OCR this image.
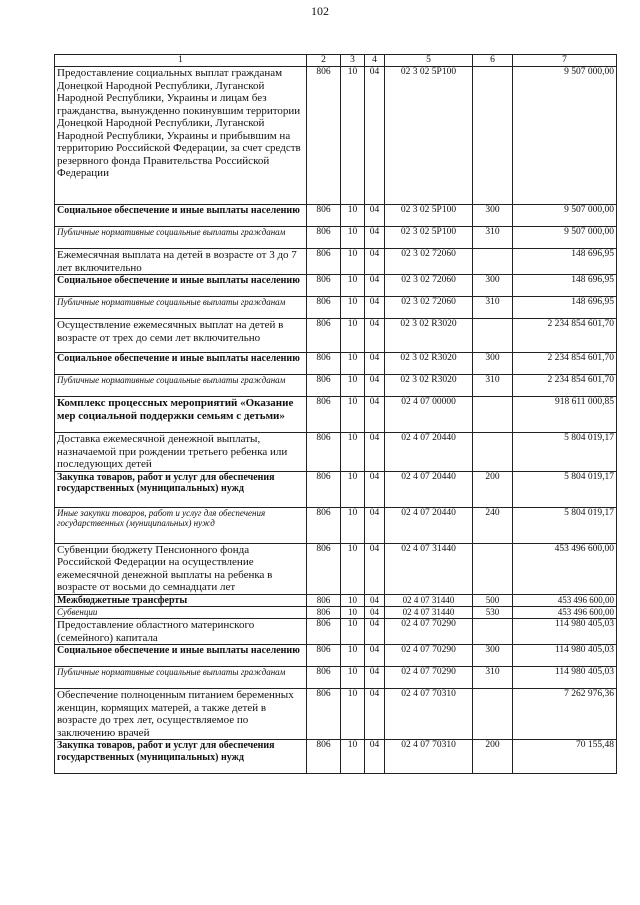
102
1	2	3	4	5	6	7
Предоставление социальных выплат гражданам Донецкой Народной Республики, Луганской Народной Республики, Украины и лицам без гражданства, вынужденно покинувшим территории Донецкой Народной Республики, Луганской Народной Республики, Украины и прибывшим на территорию Российской Федерации, за счет средств резервного фонда Правительства Российской Федерации	806	10	04	02 3 02 5P100		9 507 000,00
Социальное обеспечение и иные выплаты населению	806	10	04	02 3 02 5P100	300	9 507 000,00
Публичные нормативные социальные выплаты гражданам	806	10	04	02 3 02 5P100	310	9 507 000,00
Ежемесячная выплата на детей в возрасте от 3 до 7 лет включительно	806	10	04	02 3 02 72060		148 696,95
Социальное обеспечение и иные выплаты населению	806	10	04	02 3 02 72060	300	148 696,95
Публичные нормативные социальные выплаты гражданам	806	10	04	02 3 02 72060	310	148 696,95
Осуществление ежемесячных выплат на детей в возрасте от трех до семи лет включительно	806	10	04	02 3 02 R3020		2 234 854 601,70
Социальное обеспечение и иные выплаты населению	806	10	04	02 3 02 R3020	300	2 234 854 601,70
Публичные нормативные социальные выплаты гражданам	806	10	04	02 3 02 R3020	310	2 234 854 601,70
Комплекс процессных мероприятий «Оказание мер социальной поддержки семьям с детьми»	806	10	04	02 4 07 00000		918 611 000,85
Доставка ежемесячной денежной выплаты, назначаемой при рождении третьего ребенка или последующих детей	806	10	04	02 4 07 20440		5 804 019,17
Закупка товаров, работ и услуг для обеспечения государственных (муниципальных) нужд	806	10	04	02 4 07 20440	200	5 804 019,17
Иные закупки товаров, работ и услуг для обеспечения государственных (муниципальных) нужд	806	10	04	02 4 07 20440	240	5 804 019,17
Субвенции бюджету Пенсионного фонда Российской Федерации на осуществление ежемесячной денежной выплаты на ребенка в возрасте от восьми до семнадцати лет	806	10	04	02 4 07 31440		453 496 600,00
Межбюджетные трансферты	806	10	04	02 4 07 31440	500	453 496 600,00
Субвенции	806	10	04	02 4 07 31440	530	453 496 600,00
Предоставление областного материнского (семейного) капитала	806	10	04	02 4 07 70290		114 980 405,03
Социальное обеспечение и иные выплаты населению	806	10	04	02 4 07 70290	300	114 980 405,03
Публичные нормативные социальные выплаты гражданам	806	10	04	02 4 07 70290	310	114 980 405,03
Обеспечение полноценным питанием беременных женщин, кормящих матерей, а также детей в возрасте до трех лет, осуществляемое по заключению врачей	806	10	04	02 4 07 70310		7 262 976,36
Закупка товаров, работ и услуг для обеспечения государственных (муниципальных) нужд	806	10	04	02 4 07 70310	200	70 155,48
